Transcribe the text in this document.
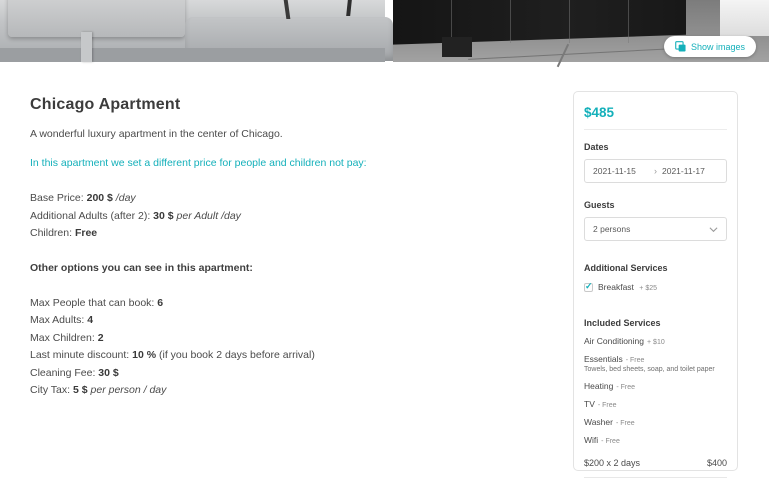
Show images
Chicago Apartment
A wonderful luxury apartment in the center of Chicago.
In this apartment we set a different price for people and children not pay:
Base Price: 200 $ /day
Additional Adults (after 2): 30 $ per Adult /day
Children: Free
Other options you can see in this apartment:
Max People that can book: 6
Max Adults: 4
Max Children: 2
Last minute discount: 10 % (if you book 2 days before arrival)
Cleaning Fee: 30 $
City Tax: 5 $ per person / day
$485
Dates
2021-11-15	› 2021-11-17
Guests
2 persons
Additional Services
✓ Breakfast + $25
Included Services
Air Conditioning + $10
Essentials - Free
Towels, bed sheets, soap, and toilet paper
Heating - Free
TV - Free
Washer - Free
Wifi - Free
$200 x 2 days	$400
